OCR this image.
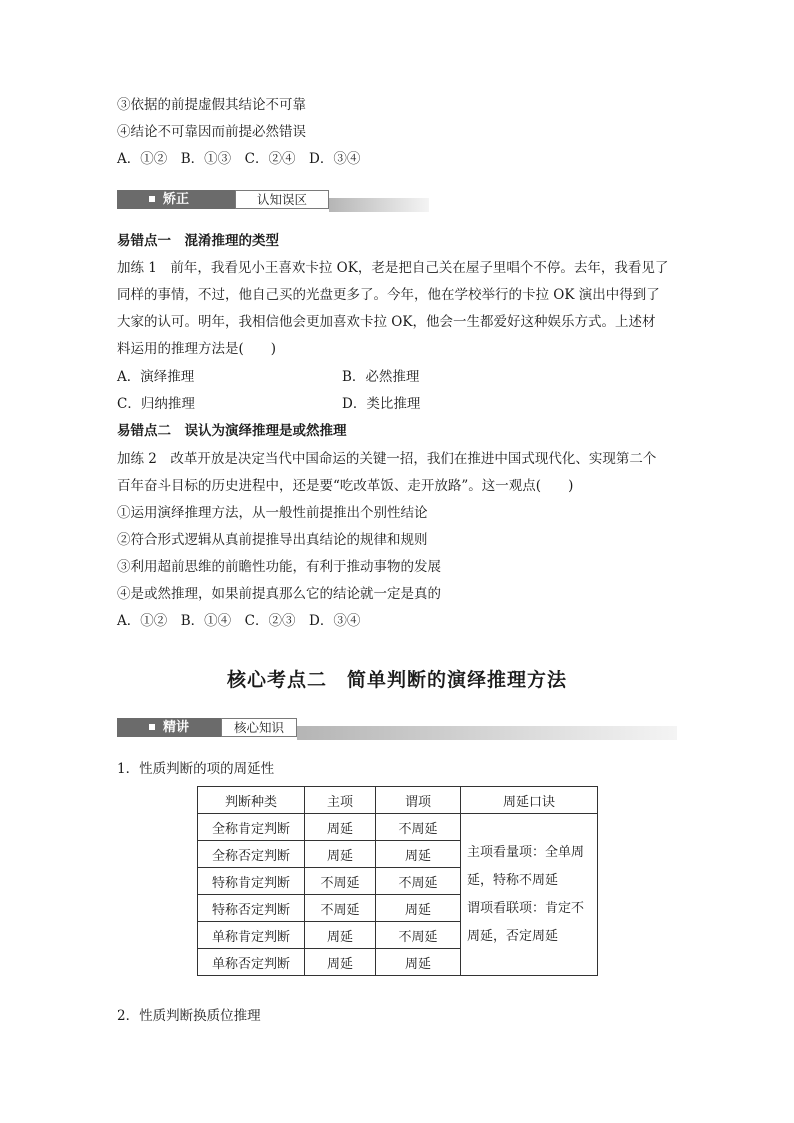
③依据的前提虚假其结论不可靠
④结论不可靠因而前提必然错误
A．①②　B．①③　C．②④　D．③④
矫正	认知误区
易错点一　混淆推理的类型
加练 1　前年，我看见小王喜欢卡拉 OK，老是把自己关在屋子里唱个不停。去年，我看见了
同样的事情，不过，他自己买的光盘更多了。今年，他在学校举行的卡拉 OK 演出中得到了
大家的认可。明年，我相信他会更加喜欢卡拉 OK，他会一生都爱好这种娱乐方式。上述材
料运用的推理方法是(　　)
A．演绎推理	B．必然推理
C．归纳推理	D．类比推理
易错点二　误认为演绎推理是或然推理
加练 2　改革开放是决定当代中国命运的关键一招，我们在推进中国式现代化、实现第二个
百年奋斗目标的历史进程中，还是要“吃改革饭、走开放路”。这一观点(　　)
①运用演绎推理方法，从一般性前提推出个别性结论
②符合形式逻辑从真前提推导出真结论的规律和规则
③利用超前思维的前瞻性功能，有利于推动事物的发展
④是或然推理，如果前提真那么它的结论就一定是真的
A．①②　B．①④　C．②③　D．③④
核心考点二　简单判断的演绎推理方法
精讲	核心知识
1．性质判断的项的周延性
判断种类	主项	谓项	周延口诀
全称肯定判断	周延	不周延	主项看量项：全单周
延，特称不周延
谓项看联项：肯定不
周延，否定周延

全称否定判断	周延	周延	
特称肯定判断	不周延	不周延	
特称否定判断	不周延	周延	
单称肯定判断	周延	不周延	
单称否定判断	周延	周延	
2．性质判断换质位推理
